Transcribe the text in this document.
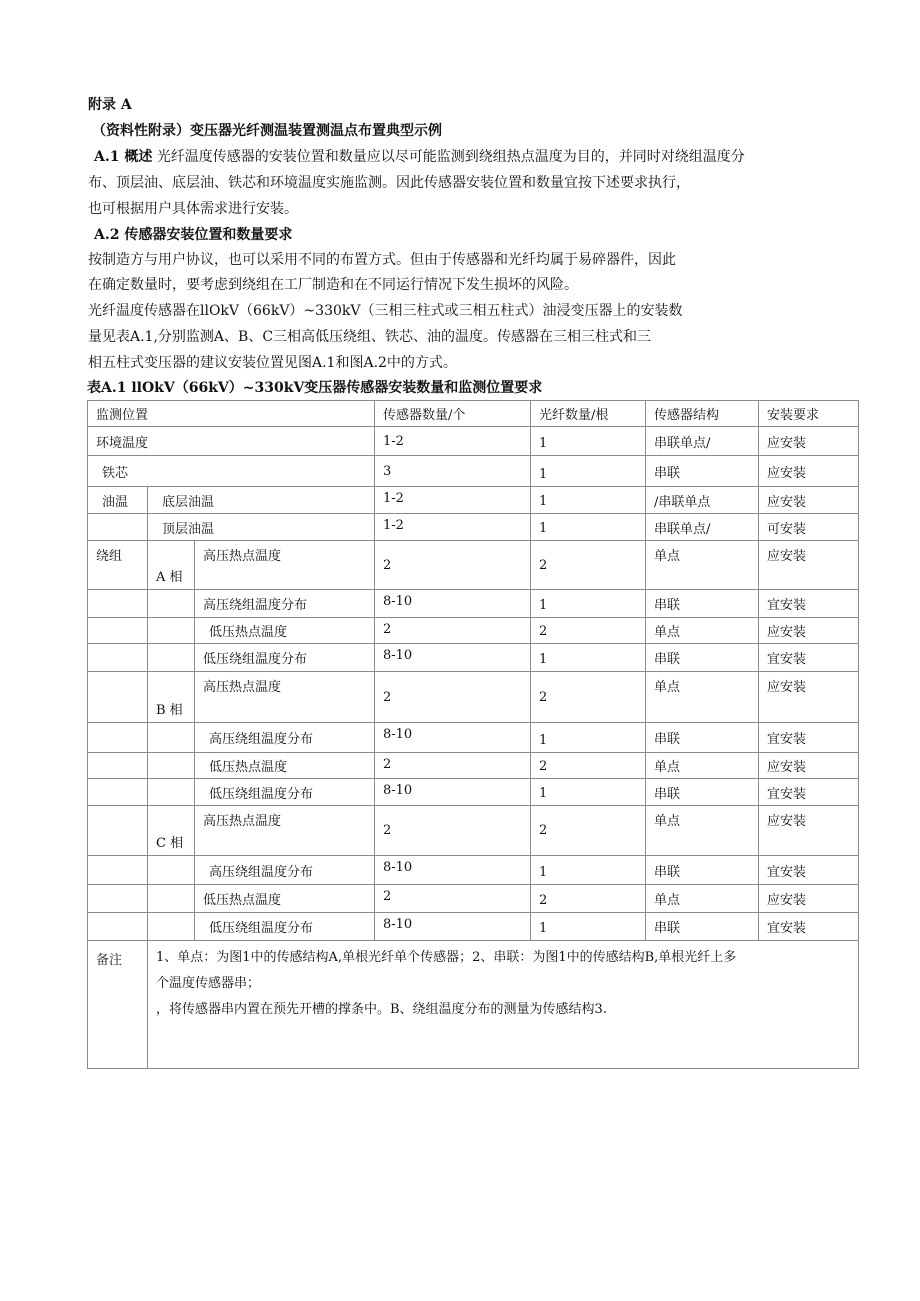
附录 A
（资料性附录）变压器光纤测温装置测温点布置典型示例
A.1 概述 光纤温度传感器的安装位置和数量应以尽可能监测到绕组热点温度为目的，并同时对绕组温度分
布、顶层油、底层油、铁芯和环境温度实施监测。因此传感器安装位置和数量宜按下述要求执行，
也可根据用户具体需求进行安装。
A.2 传感器安装位置和数量要求
按制造方与用户协议，也可以采用不同的布置方式。但由于传感器和光纤均属于易碎器件，因此
在确定数量时，要考虑到绕组在工厂制造和在不同运行情况下发生损坏的风险。
光纤温度传感器在llOkV（66kV）~330kV（三相三柱式或三相五柱式）油浸变压器上的安装数
量见表A.1,分别监测A、B、C三相高低压绕组、铁芯、油的温度。传感器在三相三柱式和三
相五柱式变压器的建议安装位置见图A.1和图A.2中的方式。
表A.1 llOkV（66kV）~330kV变压器传感器安装数量和监测位置要求
监测位置			传感器数量/个	光纤数量/根	传感器结构	安装要求
环境温度			1-2	1	串联单点/	应安装
铁芯			3	1	串联	应安装
油温	底层油温		1-2	1	/串联单点	应安装
	顶层油温		1-2	1	串联单点/	可安装
绕组	A 相	高压热点温度	2	2	单点	应安装
		高压绕组温度分布	8-10	1	串联	宜安装
		低压热点温度	2	2	单点	应安装
		低压绕组温度分布	8-10	1	串联	宜安装
	B 相	高压热点温度	2	2	单点	应安装
		高压绕组温度分布	8-10	1	串联	宜安装
		低压热点温度	2	2	单点	应安装
		低压绕组温度分布	8-10	1	串联	宜安装
	C 相	高压热点温度	2	2	单点	应安装
		高压绕组温度分布	8-10	1	串联	宜安装
		低压热点温度	2	2	单点	应安装
		低压绕组温度分布	8-10	1	串联	宜安装
备注	1、单点：为图1中的传感结构A,单根光纤单个传感器；2、串联：为图1中的传感结构B,单根光纤上多

个温度传感器串；

，将传感器串内置在预先开槽的撑条中。B、绕组温度分布的测量为传感结构3.					
